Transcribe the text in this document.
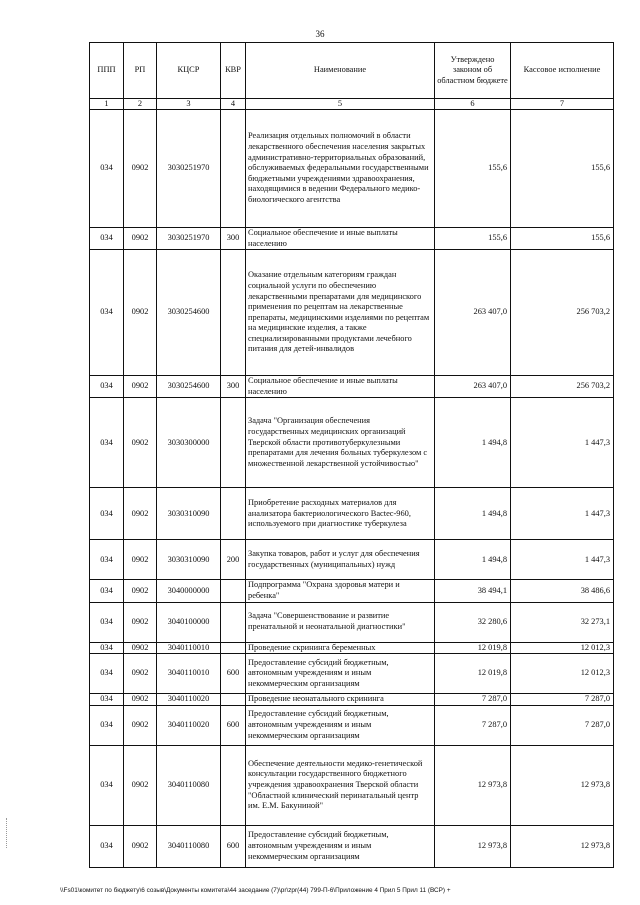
36
ППП	РП	КЦСР	КВР	Наименование	Утверждено законом об областном бюджете	Кассовое исполнение
1	2	3	4	5	6	7
034	0902	3030251970		Реализация отдельных полномочий в области лекарственного обеспечения населения закрытых административно-территориальных образований, обслуживаемых федеральными государственными бюджетными учреждениями здравоохранения, находящимися в ведении Федерального медико-биологического агентства	155,6	155,6
034	0902	3030251970	300	Социальное обеспечение и иные выплаты населению	155,6	155,6
034	0902	3030254600		Оказание отдельным категориям граждан социальной услуги по обеспечению лекарственными препаратами для медицинского применения по рецептам на лекарственные препараты, медицинскими изделиями по рецептам на медицинские изделия, а также специализированными продуктами лечебного питания для детей-инвалидов	263 407,0	256 703,2
034	0902	3030254600	300	Социальное обеспечение и иные выплаты населению	263 407,0	256 703,2
034	0902	3030300000		Задача "Организация обеспечения государственных медицинских организаций Тверской области противотуберкулезными препаратами для лечения больных туберкулезом с множественной лекарственной устойчивостью"	1 494,8	1 447,3
034	0902	3030310090		Приобретение расходных материалов для анализатора бактериологического Bactec-960, используемого при диагностике туберкулеза	1 494,8	1 447,3
034	0902	3030310090	200	Закупка товаров, работ и услуг для обеспечения государственных (муниципальных) нужд	1 494,8	1 447,3
034	0902	3040000000		Подпрограмма "Охрана здоровья матери и ребенка"	38 494,1	38 486,6
034	0902	3040100000		Задача "Совершенствование и развитие пренатальной и неонатальной диагностики"	32 280,6	32 273,1
034	0902	3040110010		Проведение скрининга беременных	12 019,8	12 012,3
034	0902	3040110010	600	Предоставление субсидий бюджетным, автономным учреждениям и иным некоммерческим организациям	12 019,8	12 012,3
034	0902	3040110020		Проведение неонатального скрининга	7 287,0	7 287,0
034	0902	3040110020	600	Предоставление субсидий бюджетным, автономным учреждениям и иным некоммерческим организациям	7 287,0	7 287,0
034	0902	3040110080		Обеспечение деятельности медико-генетической консультации государственного бюджетного учреждения здравоохранения Тверской области "Областной клинический перинатальный центр им. Е.М. Бакуниной"	12 973,8	12 973,8
034	0902	3040110080	600	Предоставление субсидий бюджетным, автономным учреждениям и иным некоммерческим организациям	12 973,8	12 973,8
\\Fs01\комитет по бюджету\6 созыв\Документы комитета\44 заседание (7)\pr\zpr(44) 799-П-6\Приложение 4 Прил 5 Прил 11 (ВСР) +
